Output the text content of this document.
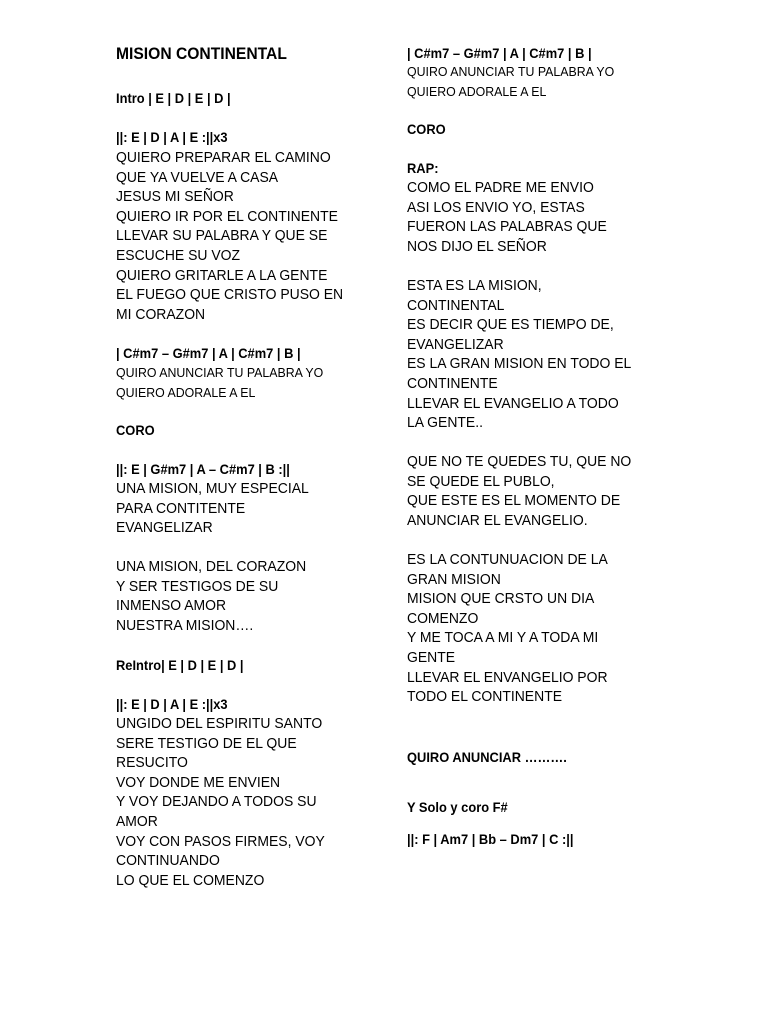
MISION CONTINENTAL
Intro | E | D | E | D |
||: E | D | A | E :||x3
QUIERO PREPARAR EL CAMINO
QUE YA VUELVE A CASA
JESUS MI SEÑOR
QUIERO IR POR EL CONTINENTE
LLEVAR SU PALABRA Y QUE SE
ESCUCHE SU VOZ
QUIERO GRITARLE A LA GENTE
EL FUEGO QUE CRISTO PUSO EN
MI CORAZON
| C#m7 – G#m7 | A | C#m7 | B |
QUIRO ANUNCIAR TU PALABRA YO
QUIERO ADORALE A EL
CORO
||: E | G#m7 | A – C#m7 | B :||
UNA MISION, MUY ESPECIAL
PARA CONTITENTE
EVANGELIZAR
UNA MISION, DEL CORAZON
Y SER TESTIGOS DE SU
INMENSO AMOR
NUESTRA MISION….
ReIntro| E | D | E | D |
||: E | D | A | E :||x3
UNGIDO DEL ESPIRITU SANTO
SERE TESTIGO DE EL QUE
RESUCITO
VOY DONDE ME ENVIEN
Y VOY DEJANDO A TODOS SU
AMOR
VOY CON PASOS FIRMES, VOY
CONTINUANDO
LO QUE EL COMENZO
| C#m7 – G#m7 | A | C#m7 | B |
QUIRO ANUNCIAR TU PALABRA YO
QUIERO ADORALE A EL
CORO
RAP:
COMO EL PADRE ME ENVIO
ASI LOS ENVIO YO, ESTAS
FUERON LAS PALABRAS QUE
NOS DIJO EL SEÑOR
ESTA ES LA MISION,
CONTINENTAL
ES DECIR QUE ES TIEMPO DE,
EVANGELIZAR
ES LA GRAN MISION EN TODO EL
CONTINENTE
LLEVAR EL EVANGELIO A TODO
LA GENTE..
QUE NO TE QUEDES TU, QUE NO
SE QUEDE EL PUBLO,
QUE ESTE ES EL MOMENTO DE
ANUNCIAR EL EVANGELIO.
ES LA CONTUNUACION DE LA
GRAN MISION
MISION QUE CRSTO UN DIA
COMENZO
Y ME TOCA A MI Y A TODA MI
GENTE
LLEVAR EL ENVANGELIO POR
TODO EL CONTINENTE
QUIRO ANUNCIAR ……….
Y Solo y coro F#
||: F | Am7 | Bb – Dm7 | C :||
